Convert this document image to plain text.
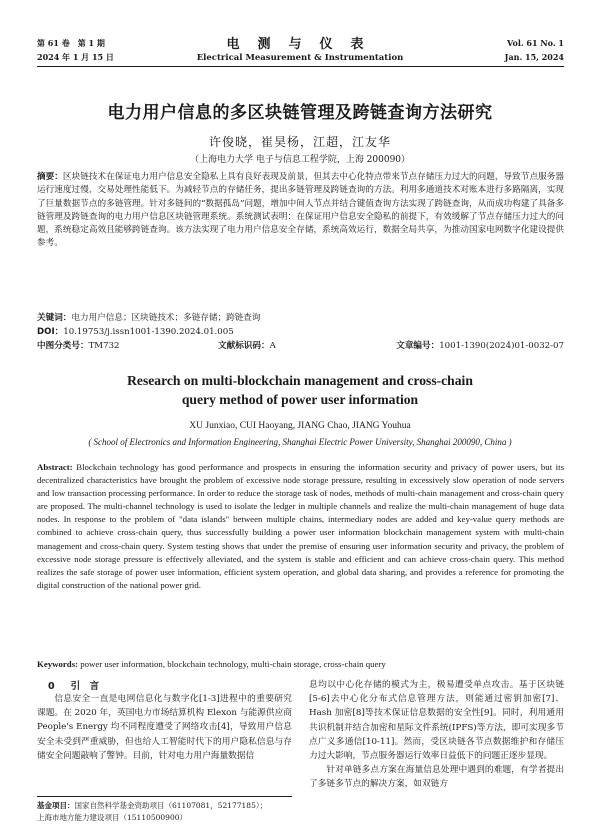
第 61 卷　第 1 期
2024 年 1 月 15 日
电测与仪表
Electrical Measurement & Instrumentation
Vol. 61 No. 1
Jan. 15, 2024
电力用户信息的多区块链管理及跨链查询方法研究
许俊晓，崔昊杨，江超，江友华
（上海电力大学 电子与信息工程学院，上海 200090）
摘要：区块链技术在保证电力用户信息安全隐私上具有良好表现及前景，但其去中心化特点带来节点存储压力过大的问题，导致节点服务器运行速度过慢，交易处理性能低下。为减轻节点的存储任务，提出多链管理及跨链查询的方法。利用多通道技术对账本进行多路隔离，实现了巨量数据节点的多链管理。针对多链间的“数据孤岛”问题，增加中间人节点并结合键值查询方法实现了跨链查询，从而成功构建了具备多链管理及跨链查询的电力用户信息区块链管理系统。系统测试表明：在保证用户信息安全隐私的前提下，有效缓解了节点存储压力过大的问题，系统稳定高效且能够跨链查询。该方法实现了电力用户信息安全存储，系统高效运行，数据全局共享，为推动国家电网数字化建设提供参考。
关键词：电力用户信息；区块链技术；多链存储；跨链查询
DOI：10.19753/j.issn1001-1390.2024.01.005
中图分类号：TM732	文献标识码：A	文章编号：1001-1390(2024)01-0032-07
Research on multi-blockchain management and cross-chain query method of power user information
XU Junxiao, CUI Haoyang, JIANG Chao, JIANG Youhua
( School of Electronics and Information Engineering, Shanghai Electric Power University, Shanghai 200090, China )
Abstract: Blockchain technology has good performance and prospects in ensuring the information security and privacy of power users, but its decentralized characteristics have brought the problem of excessive node storage pressure, resulting in excessively slow operation of node servers and low transaction processing performance. In order to reduce the storage task of nodes, methods of multi-chain management and cross-chain query are proposed. The multi-channel technology is used to isolate the ledger in multiple channels and realize the multi-chain management of huge data nodes. In response to the problem of "data islands" between multiple chains, intermediary nodes are added and key-value query methods are combined to achieve cross-chain query, thus successfully building a power user information blockchain management system with multi-chain management and cross-chain query. System testing shows that under the premise of ensuring user information security and privacy, the problem of excessive node storage pressure is effectively alleviated, and the system is stable and efficient and can achieve cross-chain query. This method realizes the safe storage of power user information, efficient system operation, and global data sharing, and provides a reference for promoting the digital construction of the national power grid.
Keywords: power user information, blockchain technology, multi-chain storage, cross-chain query
0 引　言

信息安全一直是电网信息化与数字化[1-3]进程中的重要研究课题。在 2020 年，英国电力市场结算机构 Elexon 与能源供应商 People's Energy 均不同程度遭受了网络攻击[4]，导致用户信息安全未受到严重威胁，但也给人工智能时代下的用户隐私信息与存储安全问题敲响了警钟。目前，针对电力用户海量数据信

基金项目：国家自然科学基金资助项目（61107081，52177185）；
上海市地方能力建设项目（15110500900）
息均以中心化存储的模式为主，极易遭受单点攻击。基于区块链[5-6]去中心化分布式信息管理方法，则能通过密钥加密[7]、Hash 加密[8]等技术保证信息数据的安全性[9]。同时，利用通用共识机制并结合加密和星际文件系统(IPFS)等方法，即可实现多节点广义多通信[10-11]。然而，受区块链各节点数据维护和存储压力过大影响，节点服务器运行效率日益低下的问题正逐步显现。

针对单链多点方案在海量信息处理中遇到的难题，有学者提出了多链多节点的解决方案，如双链方
